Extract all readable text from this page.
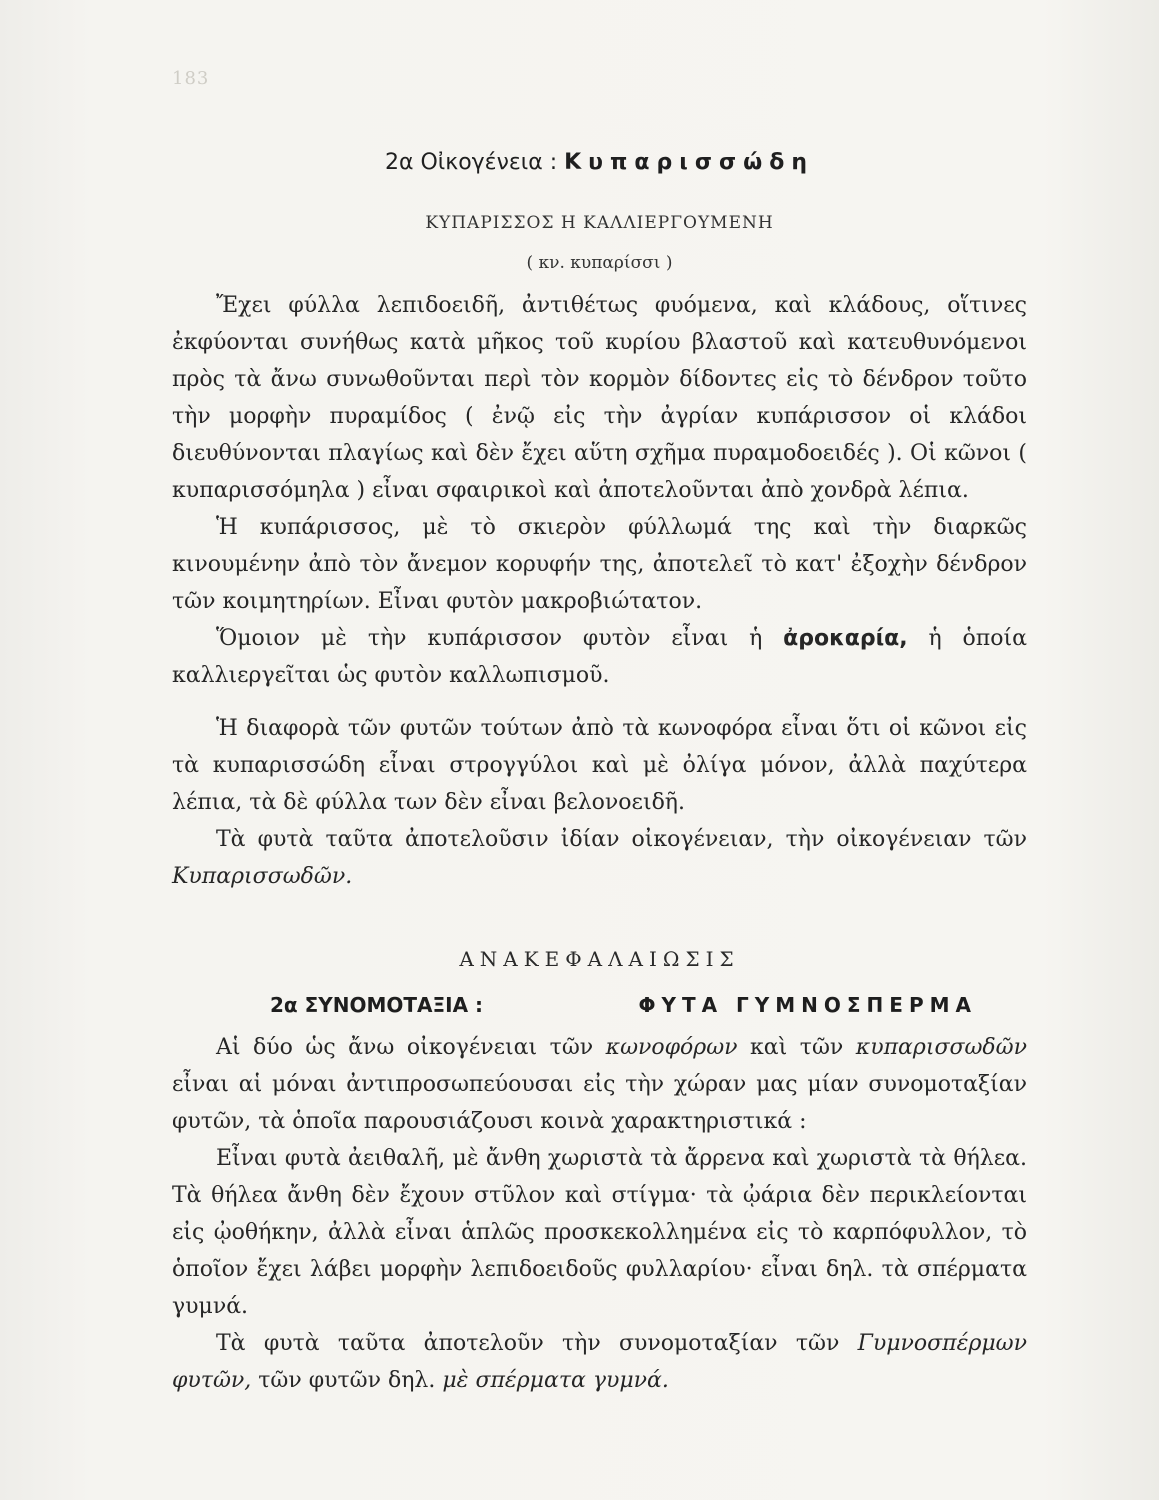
183
2α Οἰκογένεια : Κυπαρισσώδη
ΚΥΠΑΡΙΣΣΟΣ Η ΚΑΛΛΙΕΡΓΟΥΜΕΝΗ
( κν. κυπαρίσσι )

Ἔχει φύλλα λεπιδοειδῆ, ἀντιθέτως φυόμενα, καὶ κλάδους, οἵτινες ἐκφύονται συνήθως κατὰ μῆκος τοῦ κυρίου βλαστοῦ καὶ κατευθυνόμενοι πρὸς τὰ ἄνω συνωθοῦνται περὶ τὸν κορμὸν δίδοντες εἰς τὸ δένδρον τοῦτο τὴν μορφὴν πυραμίδος ( ἐνῷ εἰς τὴν ἀγρίαν κυπάρισσον οἱ κλάδοι διευθύνονται πλαγίως καὶ δὲν ἔχει αὕτη σχῆμα πυραμοδοειδές ). Οἱ κῶνοι ( κυπαρισσόμηλα ) εἶναι σφαιρικοὶ καὶ ἀποτελοῦνται ἀπὸ χονδρὰ λέπια.

Ἡ κυπάρισσος, μὲ τὸ σκιερὸν φύλλωμά της καὶ τὴν διαρκῶς κινουμένην ἀπὸ τὸν ἄνεμον κορυφήν της, ἀποτελεῖ τὸ κατ' ἐξοχὴν δένδρον τῶν κοιμητηρίων. Εἶναι φυτὸν μακροβιώτατον.

Ὅμοιον μὲ τὴν κυπάρισσον φυτὸν εἶναι ἡ ἀροκαρία, ἡ ὁποία καλλιεργεῖται ὡς φυτὸν καλλωπισμοῦ.

Ἡ διαφορὰ τῶν φυτῶν τούτων ἀπὸ τὰ κωνοφόρα εἶναι ὅτι οἱ κῶνοι εἰς τὰ κυπαρισσώδη εἶναι στρογγύλοι καὶ μὲ ὀλίγα μόνον, ἀλλὰ παχύτερα λέπια, τὰ δὲ φύλλα των δὲν εἶναι βελονοειδῆ.

Τὰ φυτὰ ταῦτα ἀποτελοῦσιν ἰδίαν οἰκογένειαν, τὴν οἰκογένειαν τῶν Κυπαρισσωδῶν.

ΑΝΑΚΕΦΑΛΑΙΩΣΙΣ
2α ΣΥΝΟΜΟΤΑΞΙΑ :	ΦΥΤΑ ΓΥΜΝΟΣΠΕΡΜΑ

Αἱ δύο ὡς ἄνω οἰκογένειαι τῶν κωνοφόρων καὶ τῶν κυπαρισσωδῶν εἶναι αἱ μόναι ἀντιπροσωπεύουσαι εἰς τὴν χώραν μας μίαν συνομοταξίαν φυτῶν, τὰ ὁποῖα παρουσιάζουσι κοινὰ χαρακτηριστικά :

Εἶναι φυτὰ ἀειθαλῆ, μὲ ἄνθη χωριστὰ τὰ ἄρρενα καὶ χωριστὰ τὰ θήλεα. Τὰ θήλεα ἄνθη δὲν ἔχουν στῦλον καὶ στίγμα· τὰ ᾠάρια δὲν περικλείονται εἰς ᾠοθήκην, ἀλλὰ εἶναι ἁπλῶς προσκεκολλημένα εἰς τὸ καρπόφυλλον, τὸ ὁποῖον ἔχει λάβει μορφὴν λεπιδοειδοῦς φυλλαρίου· εἶναι δηλ. τὰ σπέρματα γυμνά.

Τὰ φυτὰ ταῦτα ἀποτελοῦν τὴν συνομοταξίαν τῶν Γυμνοσπέρμων φυτῶν, τῶν φυτῶν δηλ. μὲ σπέρματα γυμνά.
